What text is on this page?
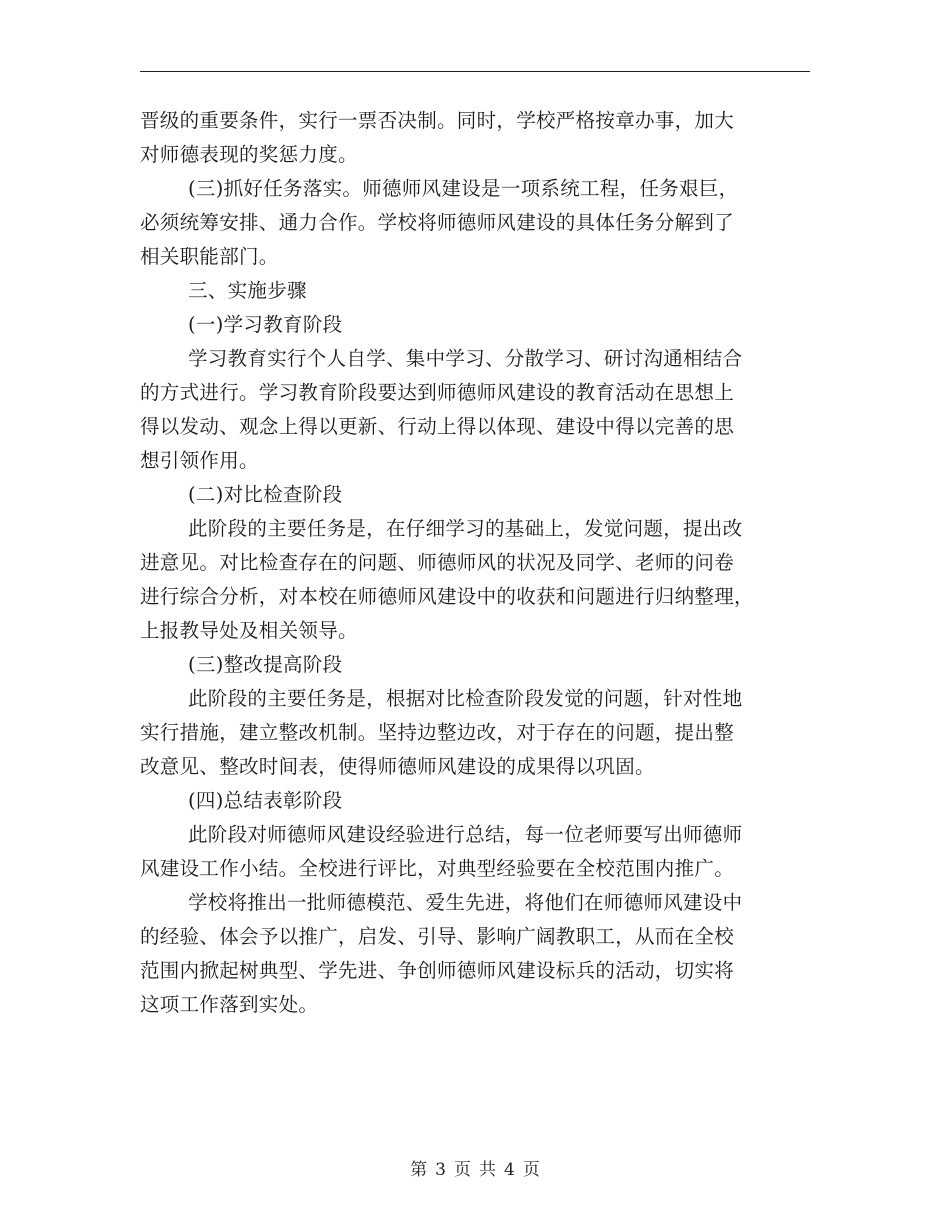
晋级的重要条件，实行一票否决制。同时，学校严格按章办事，加大
对师德表现的奖惩力度。
(三)抓好任务落实。师德师风建设是一项系统工程，任务艰巨，
必须统筹安排、通力合作。学校将师德师风建设的具体任务分解到了
相关职能部门。
三、实施步骤
(一)学习教育阶段
学习教育实行个人自学、集中学习、分散学习、研讨沟通相结合
的方式进行。学习教育阶段要达到师德师风建设的教育活动在思想上
得以发动、观念上得以更新、行动上得以体现、建设中得以完善的思
想引领作用。
(二)对比检查阶段
此阶段的主要任务是，在仔细学习的基础上，发觉问题，提出改
进意见。对比检查存在的问题、师德师风的状况及同学、老师的问卷
进行综合分析，对本校在师德师风建设中的收获和问题进行归纳整理，
上报教导处及相关领导。
(三)整改提高阶段
此阶段的主要任务是，根据对比检查阶段发觉的问题，针对性地
实行措施，建立整改机制。坚持边整边改，对于存在的问题，提出整
改意见、整改时间表，使得师德师风建设的成果得以巩固。
(四)总结表彰阶段
此阶段对师德师风建设经验进行总结，每一位老师要写出师德师
风建设工作小结。全校进行评比，对典型经验要在全校范围内推广。
学校将推出一批师德模范、爱生先进，将他们在师德师风建设中
的经验、体会予以推广，启发、引导、影响广阔教职工，从而在全校
范围内掀起树典型、学先进、争创师德师风建设标兵的活动，切实将
这项工作落到实处。
第 3 页 共 4 页
